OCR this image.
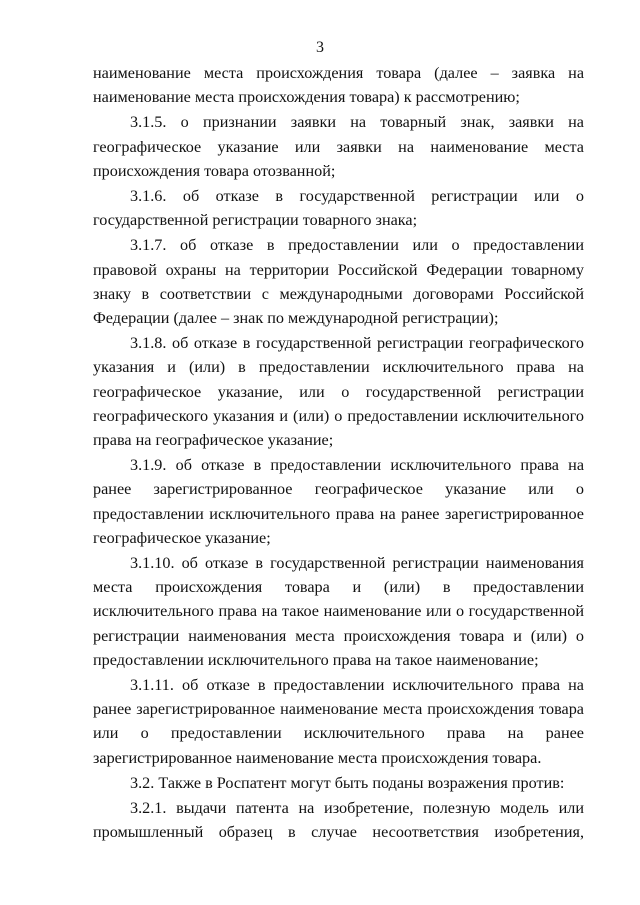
3

наименование места происхождения товара (далее – заявка на наименование места происхождения товара) к рассмотрению;

3.1.5. о признании заявки на товарный знак, заявки на географическое указание или заявки на наименование места происхождения товара отозванной;

3.1.6. об отказе в государственной регистрации или о государственной регистрации товарного знака;

3.1.7. об отказе в предоставлении или о предоставлении правовой охраны на территории Российской Федерации товарному знаку в соответствии с международными договорами Российской Федерации (далее – знак по международной регистрации);

3.1.8. об отказе в государственной регистрации географического указания и (или) в предоставлении исключительного права на географическое указание, или о государственной регистрации географического указания и (или) о предоставлении исключительного права на географическое указание;

3.1.9. об отказе в предоставлении исключительного права на ранее зарегистрированное географическое указание или о предоставлении исключительного права на ранее зарегистрированное географическое указание;

3.1.10. об отказе в государственной регистрации наименования места происхождения товара и (или) в предоставлении исключительного права на такое наименование или о государственной регистрации наименования места происхождения товара и (или) о предоставлении исключительного права на такое наименование;

3.1.11. об отказе в предоставлении исключительного права на ранее зарегистрированное наименование места происхождения товара или о предоставлении исключительного права на ранее зарегистрированное наименование места происхождения товара.

3.2. Также в Роспатент могут быть поданы возражения против:

3.2.1. выдачи патента на изобретение, полезную модель или промышленный образец в случае несоответствия изобретения,
